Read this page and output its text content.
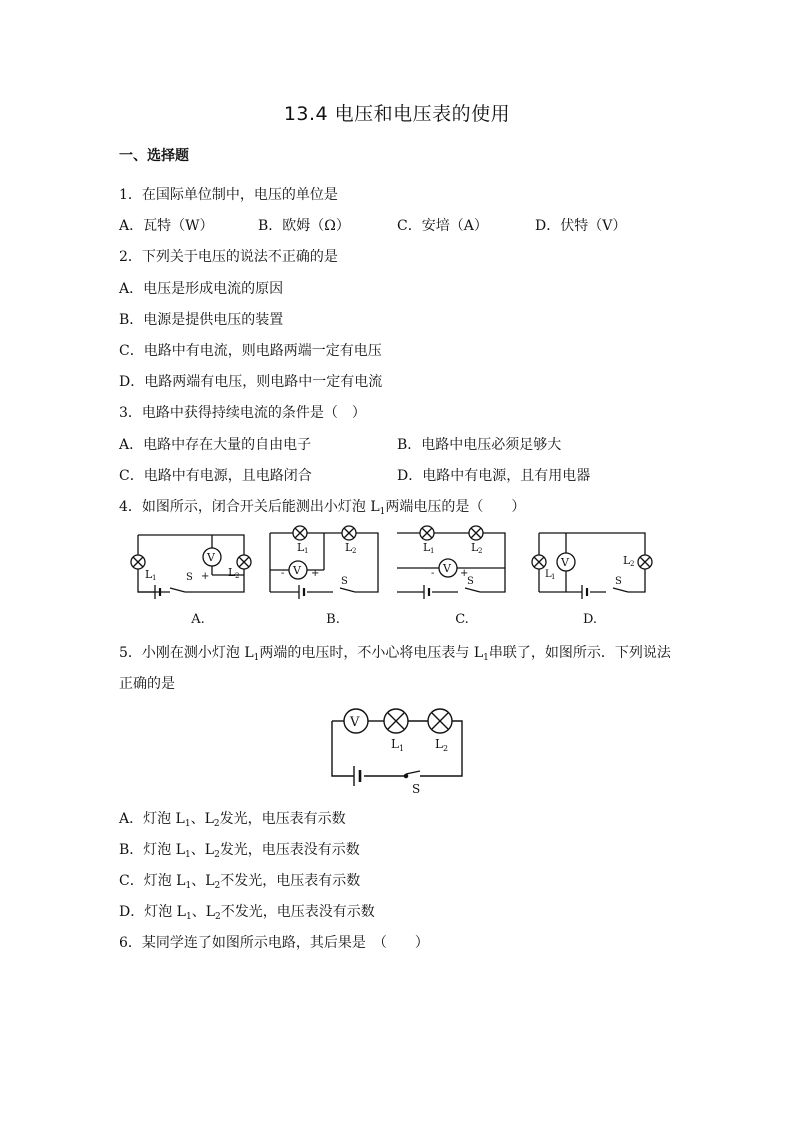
13.4 电压和电压表的使用
一、选择题
1．在国际单位制中，电压的单位是
A．瓦特（W）	B．欧姆（Ω）	C．安培（A）	D．伏特（V）
2．下列关于电压的说法不正确的是
A．电压是形成电流的原因
B．电源是提供电压的装置
C．电路中有电流，则电路两端一定有电压
D．电路两端有电压，则电路中一定有电流
3．电路中获得持续电流的条件是（　）
A．电路中存在大量的自由电子	B．电路中电压必须足够大
C．电路中有电源，且电路闭合	D．电路中有电源，且有用电器
4．如图所示，闭合开关后能测出小灯泡 $L_1$两端电压的是（　　）
V
L 1	L 2
S +	V
L 1	L 2
-	+
S
V
L 1	L 2
-	+
S
V
L 1
L 2
S
A.	B.	C.	D.
5．小刚在测小灯泡 $L_1$两端的电压时，不小心将电压表与 $L_1$串联了，如图所示．下列说法
正确的是
V
L 1	L 2
S
A．灯泡 $L_1$、$L_2$发光，电压表有示数
B．灯泡 $L_1$、$L_2$发光，电压表没有示数
C．灯泡 $L_1$、$L_2$不发光，电压表有示数
D．灯泡 $L_1$、$L_2$不发光，电压表没有示数
6．某同学连了如图所示电路，其后果是　（　　）
